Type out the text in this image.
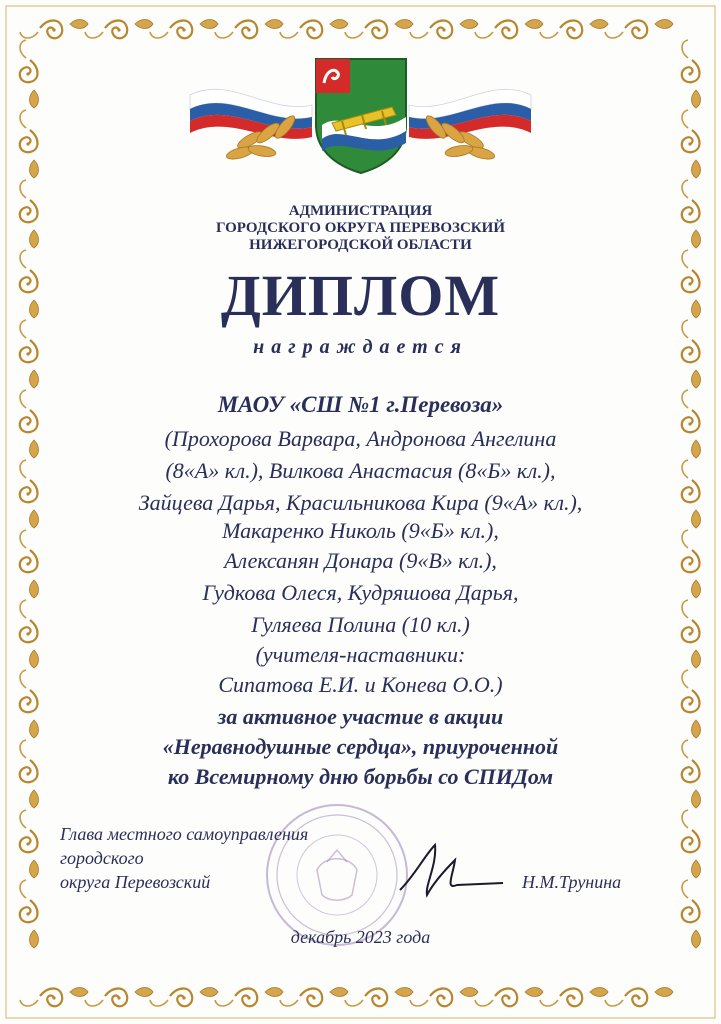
АДМИНИСТРАЦИЯ
ГОРОДСКОГО ОКРУГА ПЕРЕВОЗСКИЙ
НИЖЕГОРОДСКОЙ ОБЛАСТИ
ДИПЛОМ
награждается
МАОУ «СШ №1 г.Перевоза»
(Прохорова Варвара, Андронова Ангелина
(8«А» кл.), Вилкова Анастасия (8«Б» кл.),
Зайцева Дарья, Красильникова Кира (9«А» кл.),
Макаренко Николь (9«Б» кл.),
Алексанян Донара (9«В» кл.),
Гудкова Олеся, Кудряшова Дарья,
Гуляева Полина (10 кл.)
(учителя-наставники:
Сипатова Е.И. и Конева О.О.)
за активное участие в акции
«Неравнодушные сердца», приуроченной
ко Всемирному дню борьбы со СПИДом
Глава местного самоуправления
городского
округа Перевозский	Н.М.Трунина
декабрь 2023 года
